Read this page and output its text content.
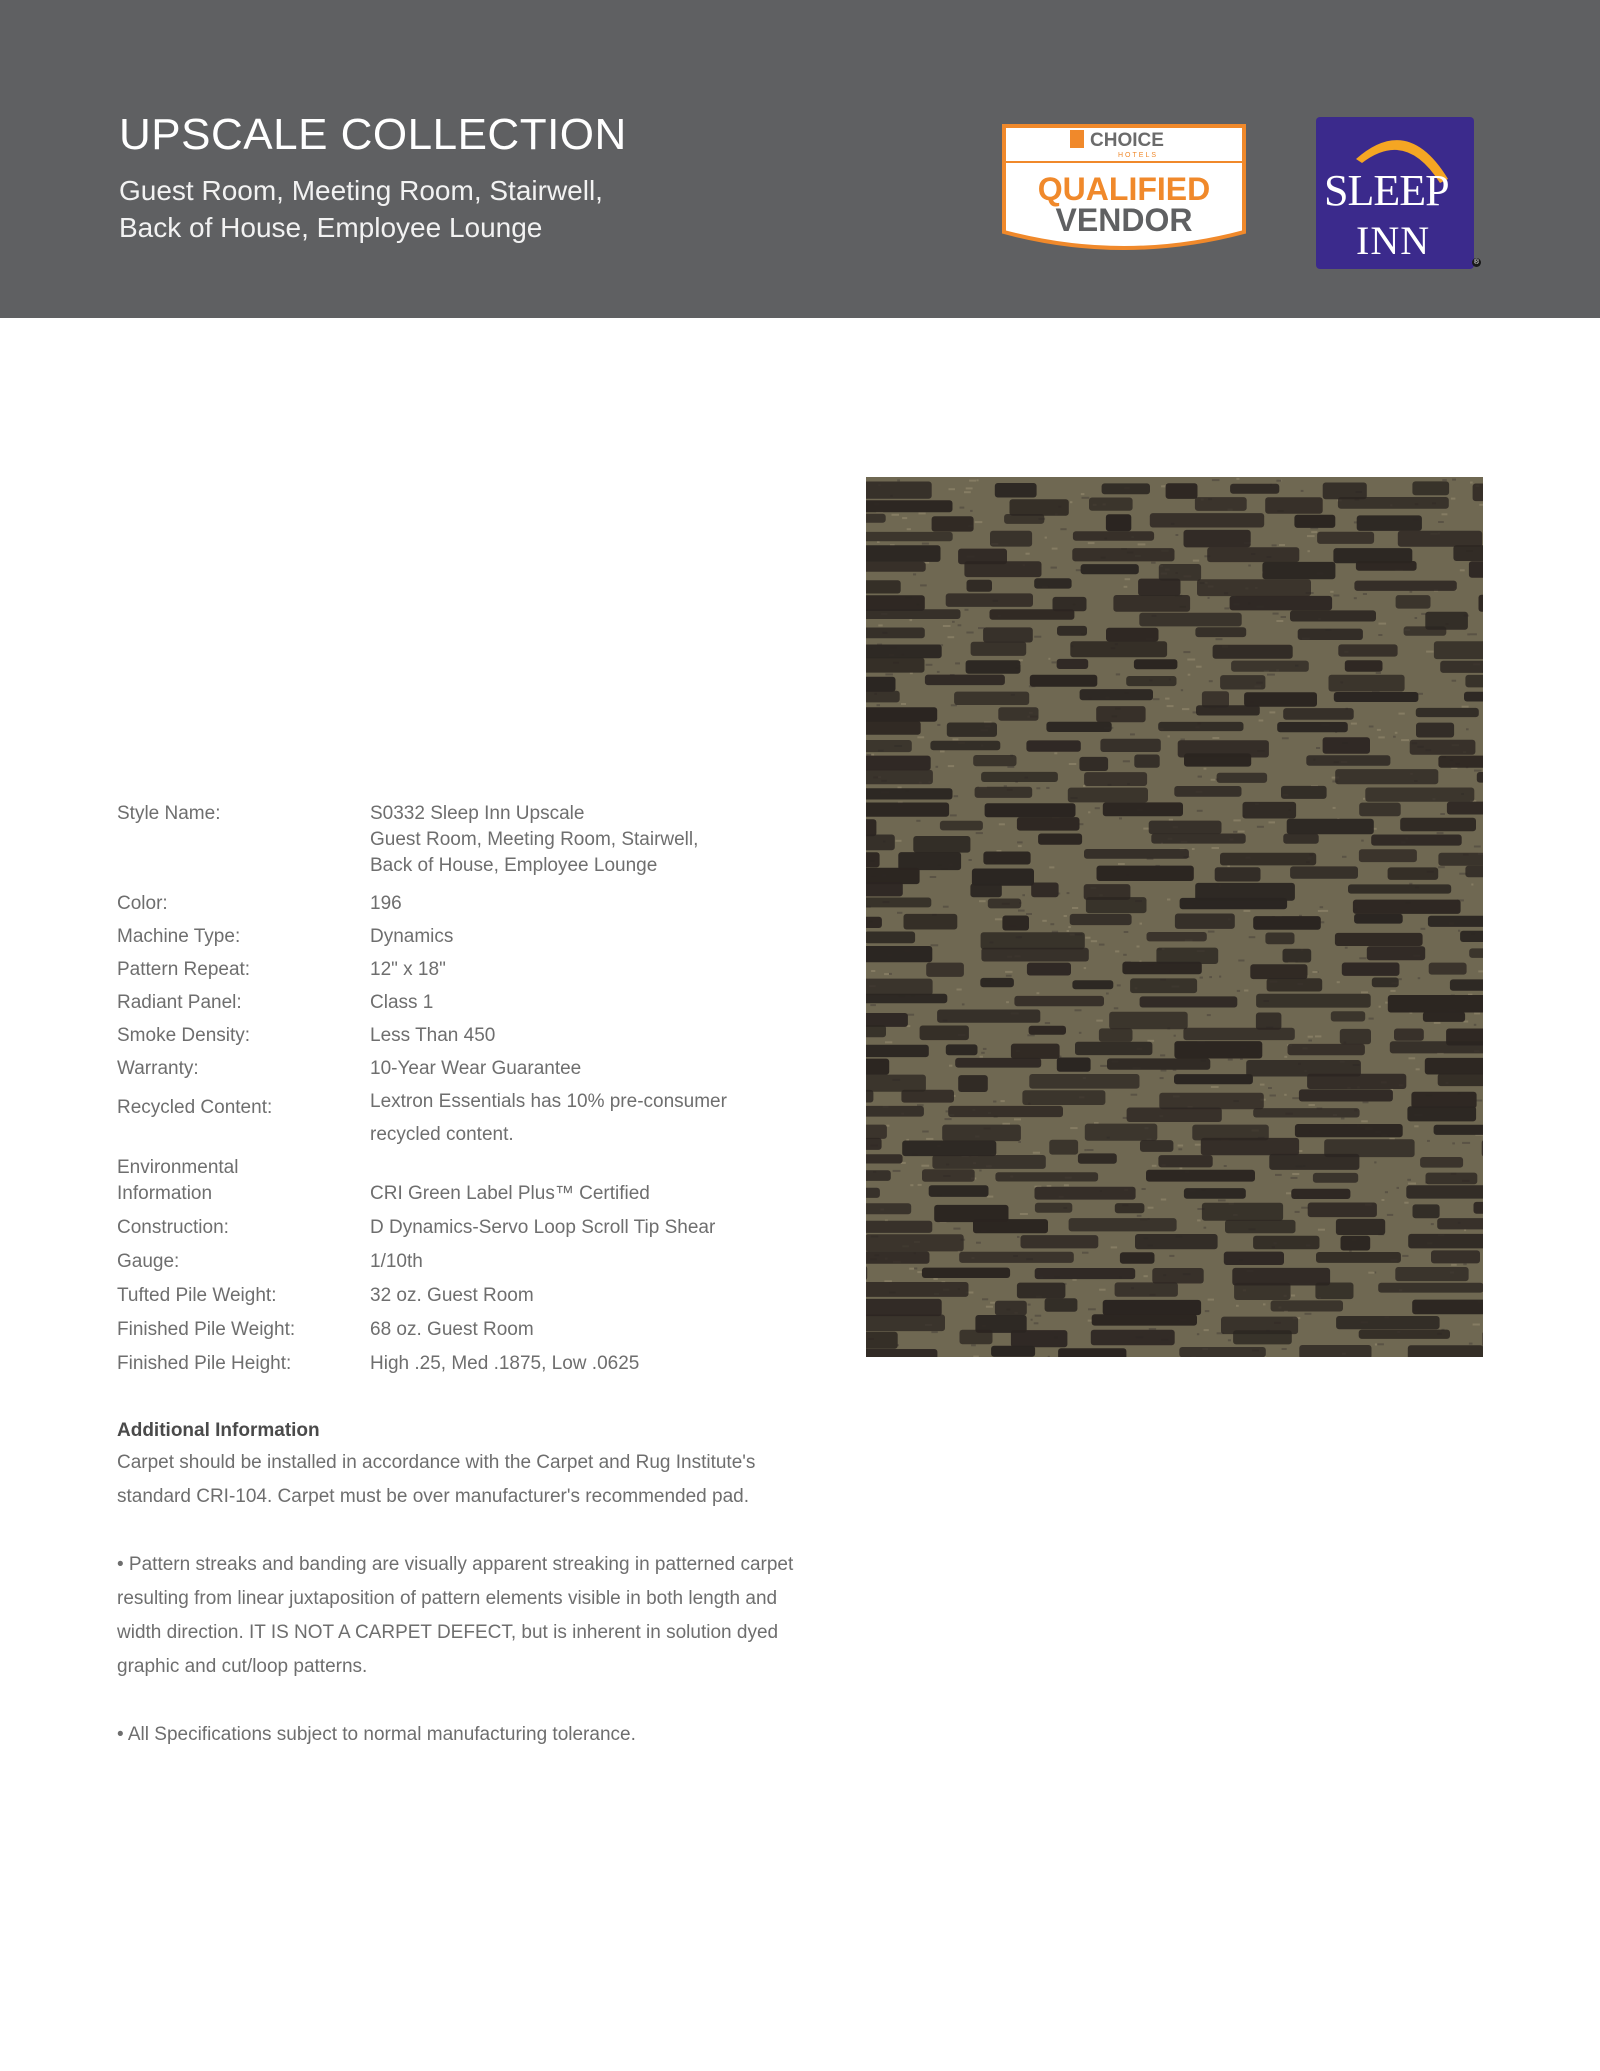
UPSCALE COLLECTION
Guest Room, Meeting Room, Stairwell,
Back of House, Employee Lounge
CHOICE
HOTELS
QUALIFIED
VENDOR
SLEEP
INN	®
Style Name:	S0332 Sleep Inn Upscale
Guest Room, Meeting Room, Stairwell,
Back of House, Employee Lounge
Color:	196
Machine Type:	Dynamics
Pattern Repeat:	12" x 18"
Radiant Panel:	Class 1
Smoke Density:	Less Than 450
Warranty:	10-Year Wear Guarantee
Recycled Content:	Lextron Essentials has 10% pre-consumer
recycled content.
Environmental Information	CRI Green Label Plus™ Certified
Construction:	D Dynamics-Servo Loop Scroll Tip Shear
Gauge:	1/10th
Tufted Pile Weight:	32 oz. Guest Room
Finished Pile Weight:	68 oz. Guest Room
Finished Pile Height:	High .25, Med .1875, Low .0625
Additional Information

Carpet should be installed in accordance with the Carpet and Rug Institute's standard CRI-104. Carpet must be over manufacturer's recommended pad.

• Pattern streaks and banding are visually apparent streaking in patterned carpet resulting from linear juxtaposition of pattern elements visible in both length and width direction. IT IS NOT A CARPET DEFECT, but is inherent in solution dyed graphic and cut/loop patterns.

• All Specifications subject to normal manufacturing tolerance.
